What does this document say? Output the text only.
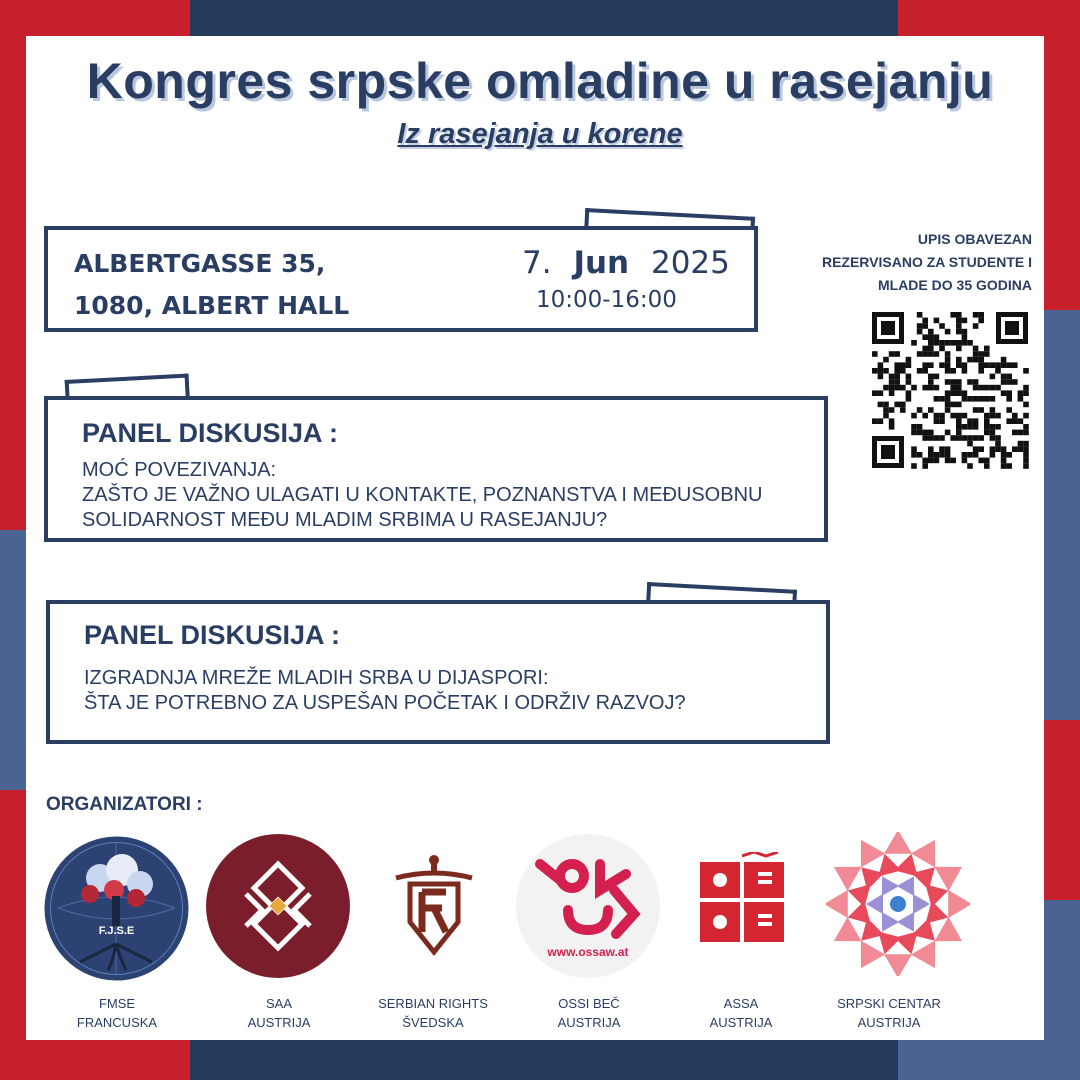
Kongres srpske omladine u rasejanju
Iz rasejanja u korene
ALBERTGASSE 35,
1080, ALBERT HALL
7. Jun 2025
10:00-16:00
UPIS OBAVEZAN
REZERVISANO ZA STUDENTE I
MLADE DO 35 GODINA
PANEL DISKUSIJA :
MOĆ POVEZIVANJA:
ZAŠTO JE VAŽNO ULAGATI U KONTAKTE, POZNANSTVA I MEĐUSOBNU
SOLIDARNOST MEĐU MLADIM SRBIMA U RASEJANJU?
PANEL DISKUSIJA :
IZGRADNJA MREŽE MLADIH SRBA U DIJASPORI:
ŠTA JE POTREBNO ZA USPEŠAN POČETAK I ODRŽIV RAZVOJ?
ORGANIZATORI :
F.J.S.E
FMSE
FRANCUSKA
SAA
AUSTRIJA
SERBIAN RIGHTS
ŠVEDSKA
www.ossaw.at
OSSI BEČ
AUSTRIJA
ASSA
AUSTRIJA
SRPSKI CENTAR
AUSTRIJA
